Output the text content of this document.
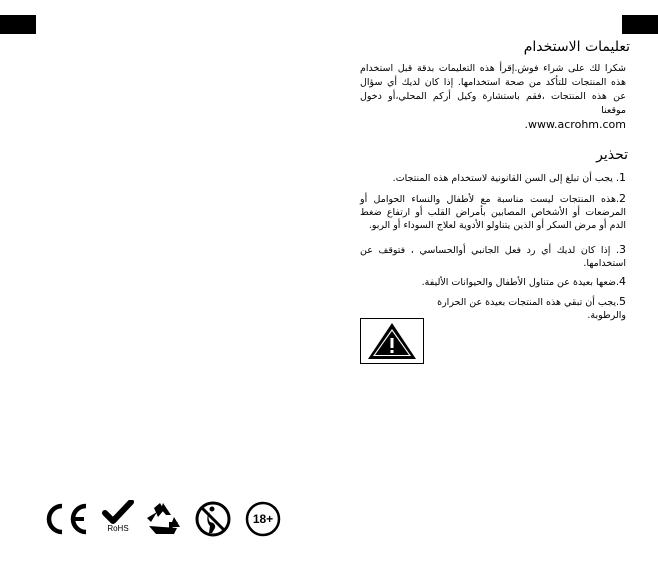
تعليمات الاستخدام

شكرا لك على شراء فوش.إقرأ هذه التعليمات بدقة قبل استخدام هذه المنتجات للتأكد من صحة استخدامها. إذا كان لديك أي سؤال عن هذه المنتجات ،فقم باستشارة وكيل أركم المحلي،أو دخول موقعنا
.www.acrohm.com

تحذير

1. يجب أن تبلغ إلى السن القانونية لاستخدام هذه المنتجات.

2.هذه المنتجات ليست مناسبة مع لأطفال والنساء الحوامل أو المرضعات أو الأشخاص المصابين بأمراض القلب أو ارتفاع ضغط الدم أو مرض السكر أو الذين يتناولو الأدوية لعلاج السوداء أو الربو.

3. إذا كان لديك أي رد فعل الجانبي أوالحساسي ، فتوقف عن استخدامها.

4.ضعها بعيدة عن متناول الأطفال والحيوانات الأليفة.

5.يجب أن تبقي هذه المنتجات بعيدة عن الحرارة والرطوبة.

RoHS
18+
